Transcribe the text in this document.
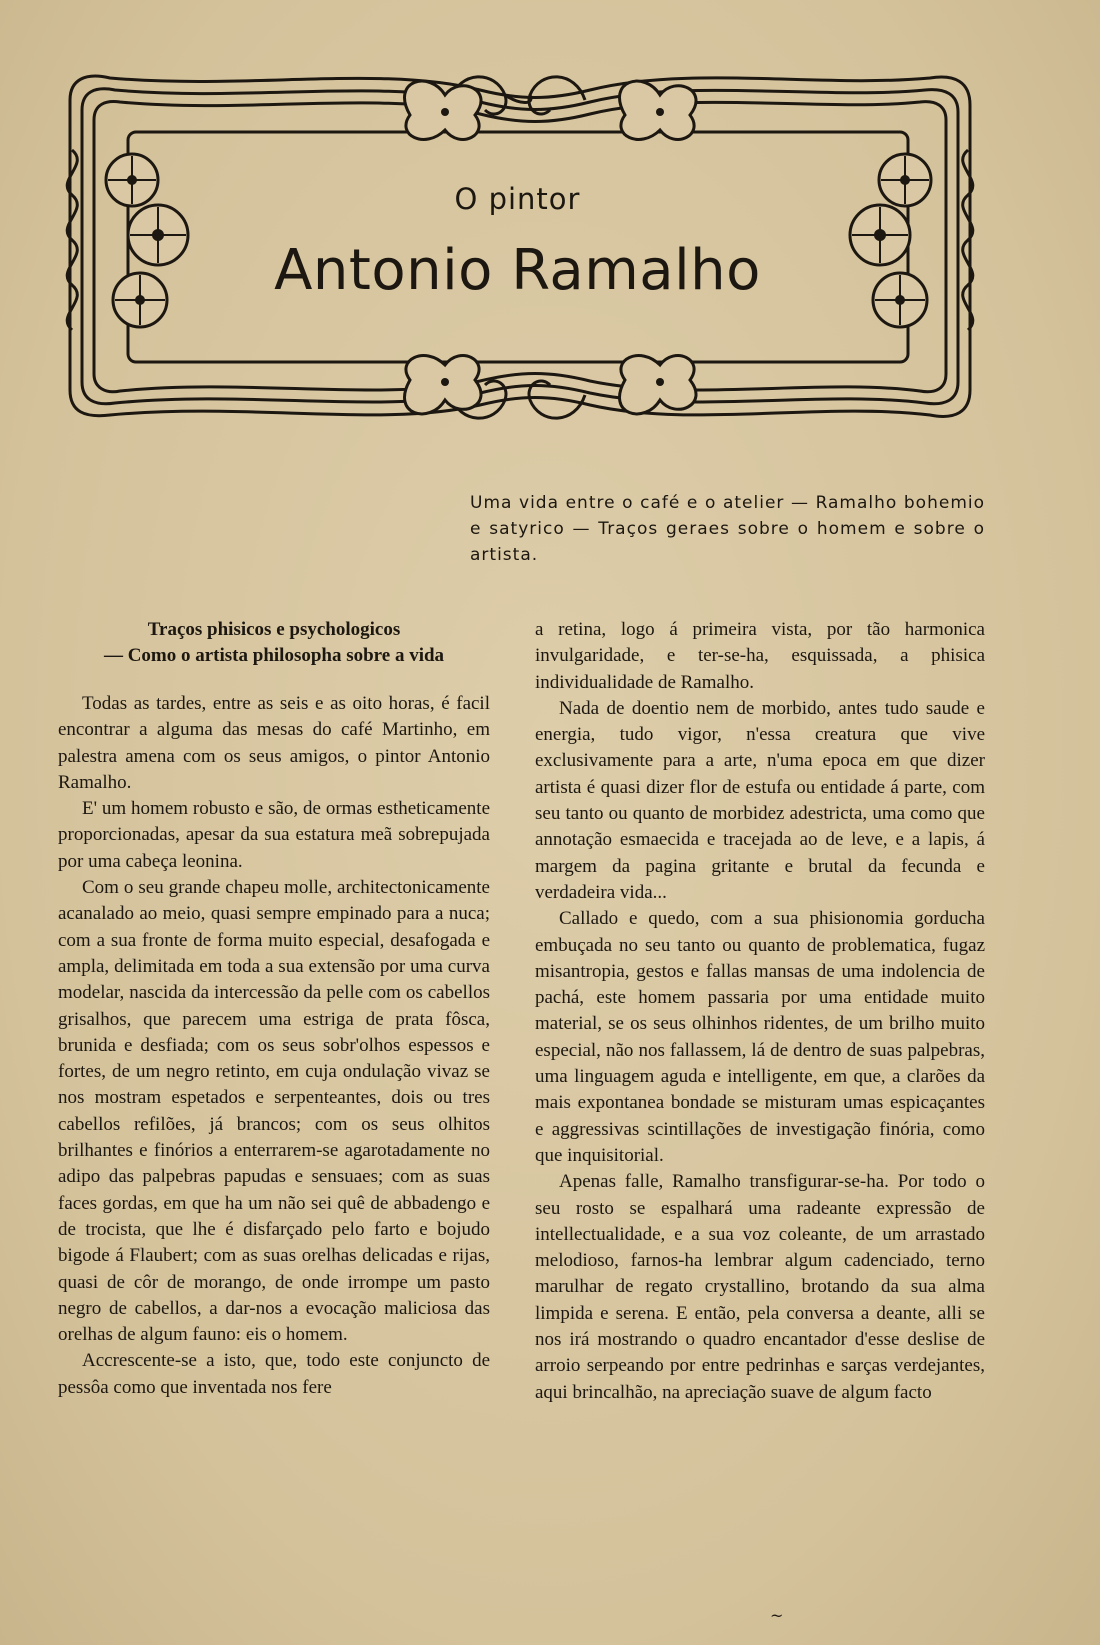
O pintor
Antonio Ramalho
Uma vida entre o café e o atelier — Ramalho bohemio e satyrico — Traços geraes sobre o homem e sobre o artista.
Traços phisicos e psychologicos
— Como o artista philosopha sobre a vida

Todas as tardes, entre as seis e as oito horas, é facil encontrar a alguma das mesas do café Martinho, em palestra amena com os seus amigos, o pintor Antonio Ramalho.

E' um homem robusto e são, de ormas estheticamente proporcionadas, apesar da sua estatura meã sobrepujada por uma cabeça leonina.

Com o seu grande chapeu molle, architectonicamente acanalado ao meio, quasi sempre empinado para a nuca; com a sua fronte de forma muito especial, desafogada e ampla, delimitada em toda a sua extensão por uma curva modelar, nascida da intercessão da pelle com os cabellos grisalhos, que parecem uma estriga de prata fôsca, brunida e desfiada; com os seus sobr'olhos espessos e fortes, de um negro retinto, em cuja ondulação vivaz se nos mostram espetados e serpenteantes, dois ou tres cabellos refilões, já brancos; com os seus olhitos brilhantes e finórios a enterrarem-se agarotadamente no adipo das palpebras papudas e sensuaes; com as suas faces gordas, em que ha um não sei quê de abbadengo e de trocista, que lhe é disfarçado pelo farto e bojudo bigode á Flaubert; com as suas orelhas delicadas e rijas, quasi de côr de morango, de onde irrompe um pasto negro de cabellos, a dar-nos a evocação maliciosa das orelhas de algum fauno: eis o homem.

Accrescente-se a isto, que, todo este conjuncto de pessôa como que inventada nos fere

a retina, logo á primeira vista, por tão harmonica invulgaridade, e ter-se-ha, esquissada, a phisica individualidade de Ramalho.

Nada de doentio nem de morbido, antes tudo saude e energia, tudo vigor, n'essa creatura que vive exclusivamente para a arte, n'uma epoca em que dizer artista é quasi dizer flor de estufa ou entidade á parte, com seu tanto ou quanto de morbidez adestricta, uma como que annotação esmaecida e tracejada ao de leve, e a lapis, á margem da pagina gritante e brutal da fecunda e verdadeira vida...

Callado e quedo, com a sua phisionomia gorducha embuçada no seu tanto ou quanto de problematica, fugaz misantropia, gestos e fallas mansas de uma indolencia de pachá, este homem passaria por uma entidade muito material, se os seus olhinhos ridentes, de um brilho muito especial, não nos fallassem, lá de dentro de suas palpebras, uma linguagem aguda e intelligente, em que, a clarões da mais expontanea bondade se misturam umas espicaçantes e aggressivas scintillações de investigação finória, como que inquisitorial.

Apenas falle, Ramalho transfigurar-se-ha. Por todo o seu rosto se espalhará uma radeante expressão de intellectualidade, e a sua voz coleante, de um arrastado melodioso, farnos-ha lembrar algum cadenciado, terno marulhar de regato crystallino, brotando da sua alma limpida e serena. E então, pela conversa a deante, alli se nos irá mostrando o quadro encantador d'esse deslise de arroio serpeando por entre pedrinhas e sarças verdejantes, aqui brincalhão, na apreciação suave de algum facto

~
